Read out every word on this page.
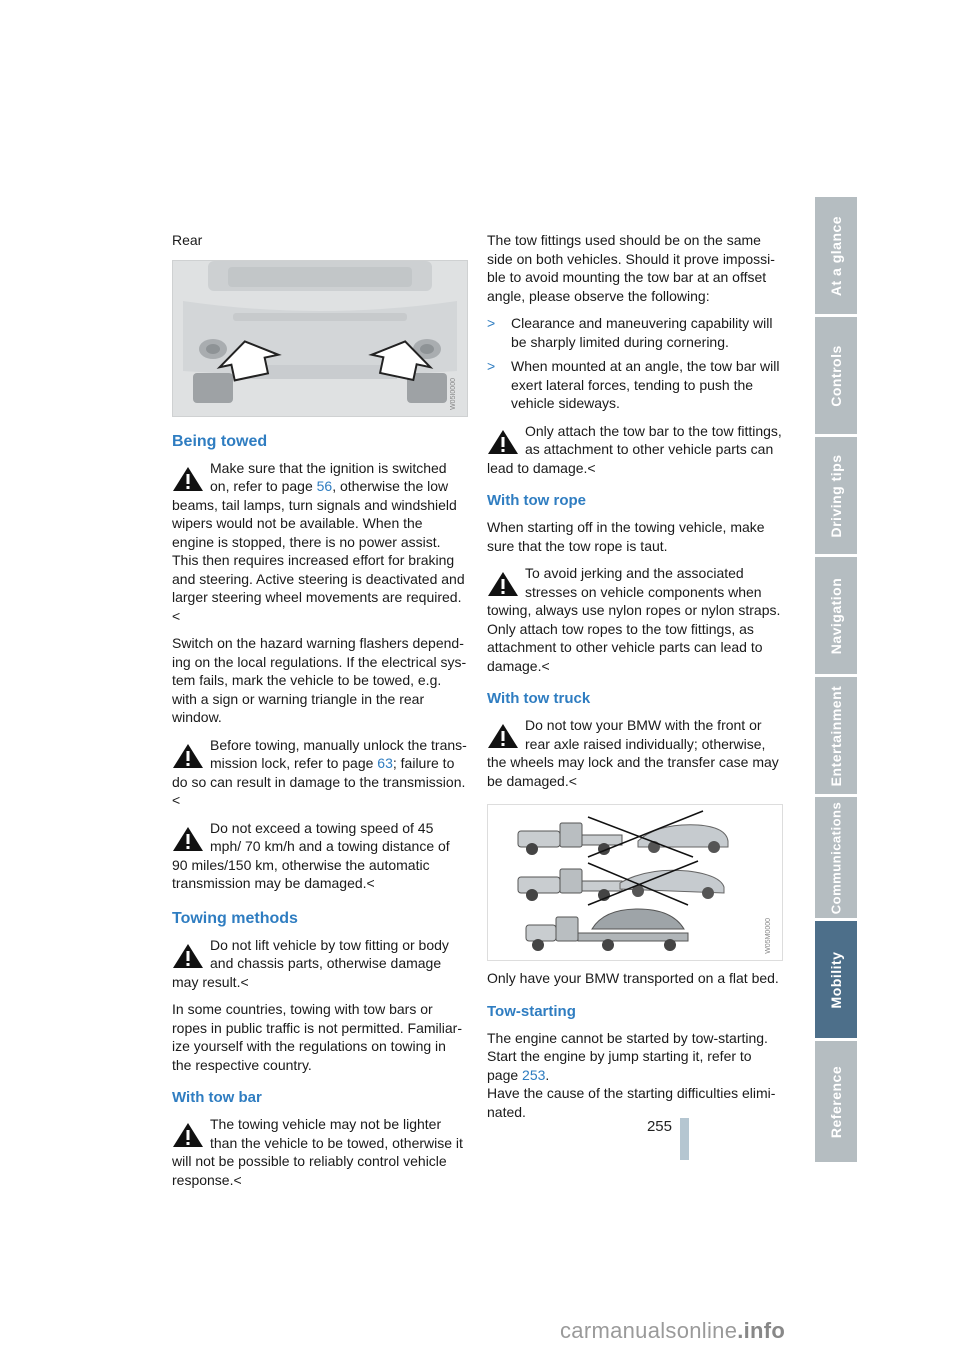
Rear

W05I0000
Being towed
Make sure that the ignition is switched on, refer to page 56, otherwise the low beams, tail lamps, turn signals and windshield wipers would not be available. When the engine is stopped, there is no power assist. This then requires increased effort for braking and steering. Active steering is deactivated and larger steering wheel movements are required.<

Switch on the hazard warning flashers depending on the local regulations. If the electrical system fails, mark the vehicle to be towed, e.g. with a sign or warning triangle in the rear window.

Before towing, manually unlock the transmission lock, refer to page 63; failure to do so can result in damage to the transmission.<
Do not exceed a towing speed of 45 mph/ 70 km/h and a towing distance of 90 miles/150 km, otherwise the automatic transmission may be damaged.<
Towing methods
Do not lift vehicle by tow fitting or body and chassis parts, otherwise damage may result.<

In some countries, towing with tow bars or ropes in public traffic is not permitted. Familiarize yourself with the regulations on towing in the respective country.

With tow bar
The towing vehicle may not be lighter than the vehicle to be towed, otherwise it will not be possible to reliably control vehicle response.<

The tow fittings used should be on the same side on both vehicles. Should it prove impossible to avoid mounting the tow bar at an offset angle, please observe the following:

>	Clearance and maneuvering capability will be sharply limited during cornering.
>	When mounted at an angle, the tow bar will exert lateral forces, tending to push the vehicle sideways.
Only attach the tow bar to the tow fittings, as attachment to other vehicle parts can lead to damage.<
With tow rope

When starting off in the towing vehicle, make sure that the tow rope is taut.

To avoid jerking and the associated stresses on vehicle components when towing, always use nylon ropes or nylon straps. Only attach tow ropes to the tow fittings, as attachment to other vehicle parts can lead to damage.<
With tow truck
Do not tow your BMW with the front or rear axle raised individually; otherwise, the wheels may lock and the transfer case may be damaged.<
W05M0000

Only have your BMW transported on a flat bed.

Tow-starting

The engine cannot be started by tow-starting. Start the engine by jump starting it, refer to page 253.

Have the cause of the starting difficulties eliminated.

At a glance
Controls
Driving tips
Navigation
Entertainment
Communications
Mobility
Reference
255
carmanualsonline.info
